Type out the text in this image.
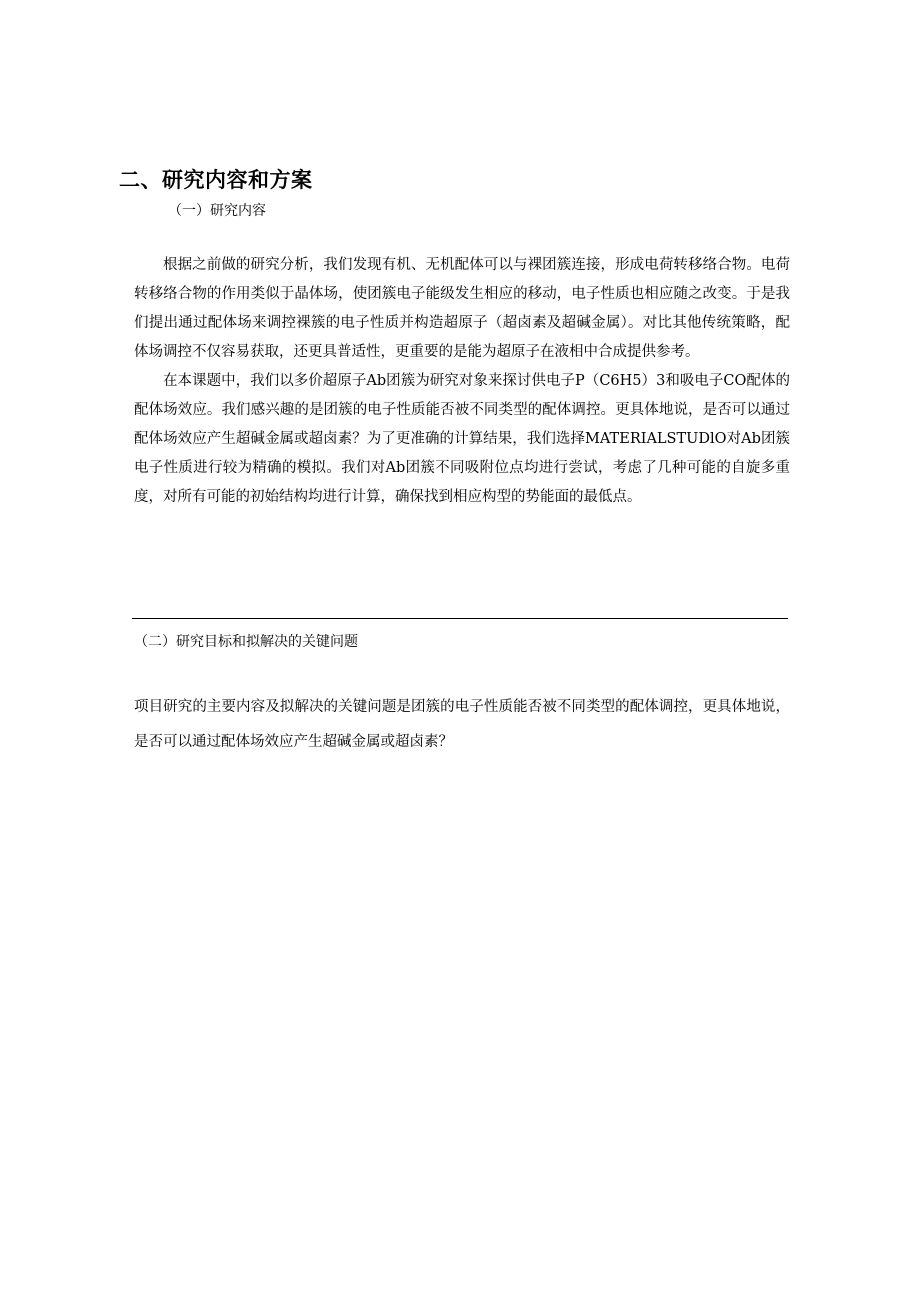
二、研究内容和方案
（一）研究内容

根据之前做的研究分析，我们发现有机、无机配体可以与裸团簇连接，形成电荷转移络合物。电荷转移络合物的作用类似于晶体场，使团簇电子能级发生相应的移动，电子性质也相应随之改变。于是我们提出通过配体场来调控裸簇的电子性质并构造超原子（超卤素及超碱金属）。对比其他传统策略，配体场调控不仅容易获取，还更具普适性，更重要的是能为超原子在液相中合成提供参考。

在本课题中，我们以多价超原子Ab团簇为研究对象来探讨供电子P（C6H5）3和吸电子CO配体的配体场效应。我们感兴趣的是团簇的电子性质能否被不同类型的配体调控。更具体地说，是否可以通过配体场效应产生超碱金属或超卤素？为了更准确的计算结果，我们选择MATERIALSTUDlO对Ab团簇电子性质进行较为精确的模拟。我们对Ab团簇不同吸附位点均进行尝试，考虑了几种可能的自旋多重度，对所有可能的初始结构均进行计算，确保找到相应构型的势能面的最低点。

（二）研究目标和拟解决的关键问题

项目研究的主要内容及拟解决的关键问题是团簇的电子性质能否被不同类型的配体调控，更具体地说，是否可以通过配体场效应产生超碱金属或超卤素？
